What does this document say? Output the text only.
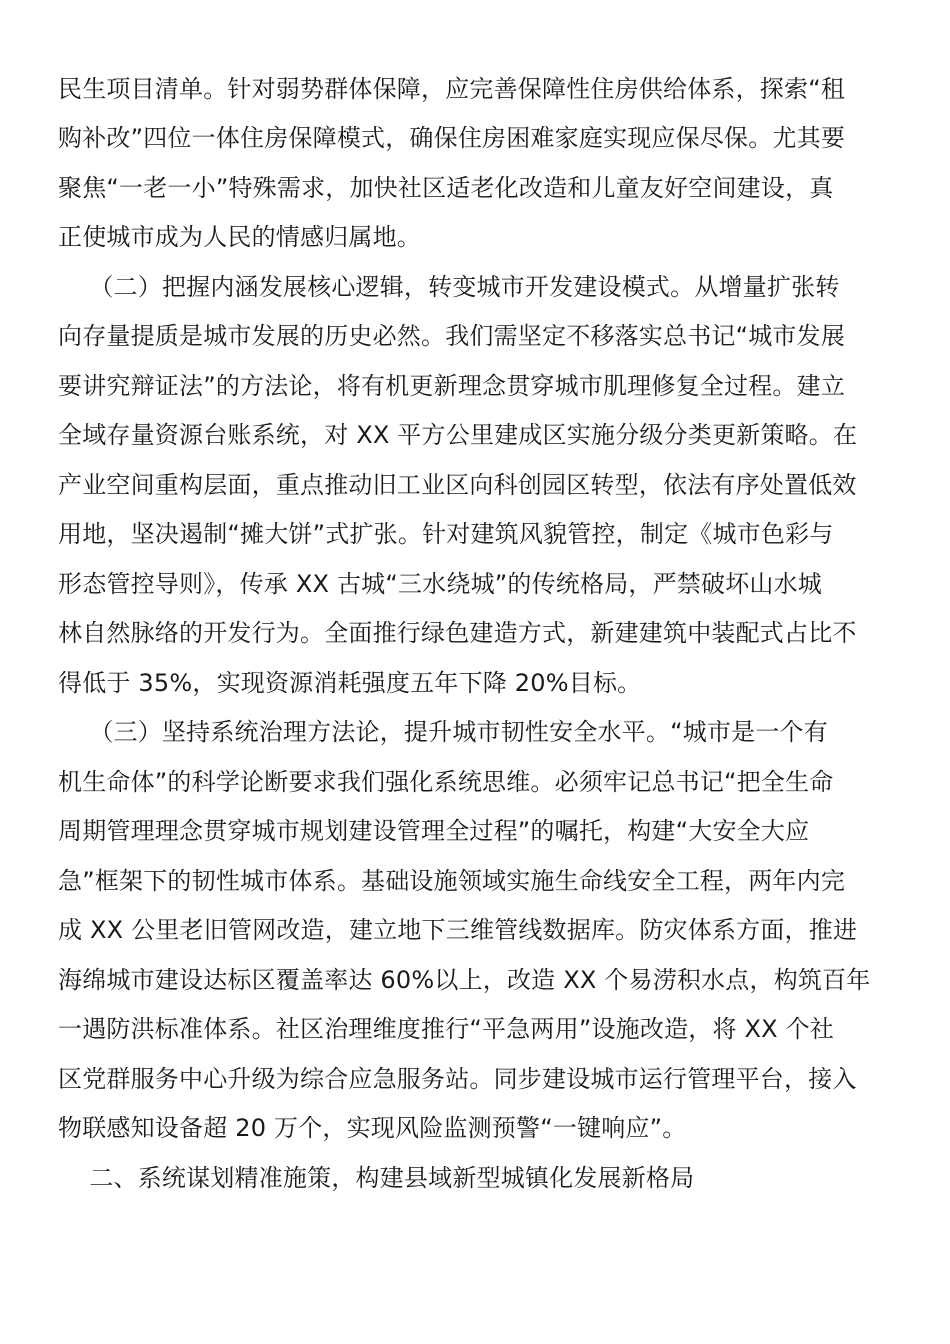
民生项目清单。针对弱势群体保障，应完善保障性住房供给体系，探索“租
购补改”四位一体住房保障模式，确保住房困难家庭实现应保尽保。尤其要
聚焦“一老一小”特殊需求，加快社区适老化改造和儿童友好空间建设，真
正使城市成为人民的情感归属地。
（二）把握内涵发展核心逻辑，转变城市开发建设模式。从增量扩张转
向存量提质是城市发展的历史必然。我们需坚定不移落实总书记“城市发展
要讲究辩证法”的方法论，将有机更新理念贯穿城市肌理修复全过程。建立
全域存量资源台账系统，对 XX 平方公里建成区实施分级分类更新策略。在
产业空间重构层面，重点推动旧工业区向科创园区转型，依法有序处置低效
用地，坚决遏制“摊大饼”式扩张。针对建筑风貌管控，制定《城市色彩与
形态管控导则》，传承 XX 古城“三水绕城”的传统格局，严禁破坏山水城
林自然脉络的开发行为。全面推行绿色建造方式，新建建筑中装配式占比不
得低于 35%，实现资源消耗强度五年下降 20%目标。
（三）坚持系统治理方法论，提升城市韧性安全水平。“城市是一个有
机生命体”的科学论断要求我们强化系统思维。必须牢记总书记“把全生命
周期管理理念贯穿城市规划建设管理全过程”的嘱托，构建“大安全大应
急”框架下的韧性城市体系。基础设施领域实施生命线安全工程，两年内完
成 XX 公里老旧管网改造，建立地下三维管线数据库。防灾体系方面，推进
海绵城市建设达标区覆盖率达 60%以上，改造 XX 个易涝积水点，构筑百年
一遇防洪标准体系。社区治理维度推行“平急两用”设施改造，将 XX 个社
区党群服务中心升级为综合应急服务站。同步建设城市运行管理平台，接入
物联感知设备超 20 万个，实现风险监测预警“一键响应”。
二、系统谋划精准施策，构建县域新型城镇化发展新格局
